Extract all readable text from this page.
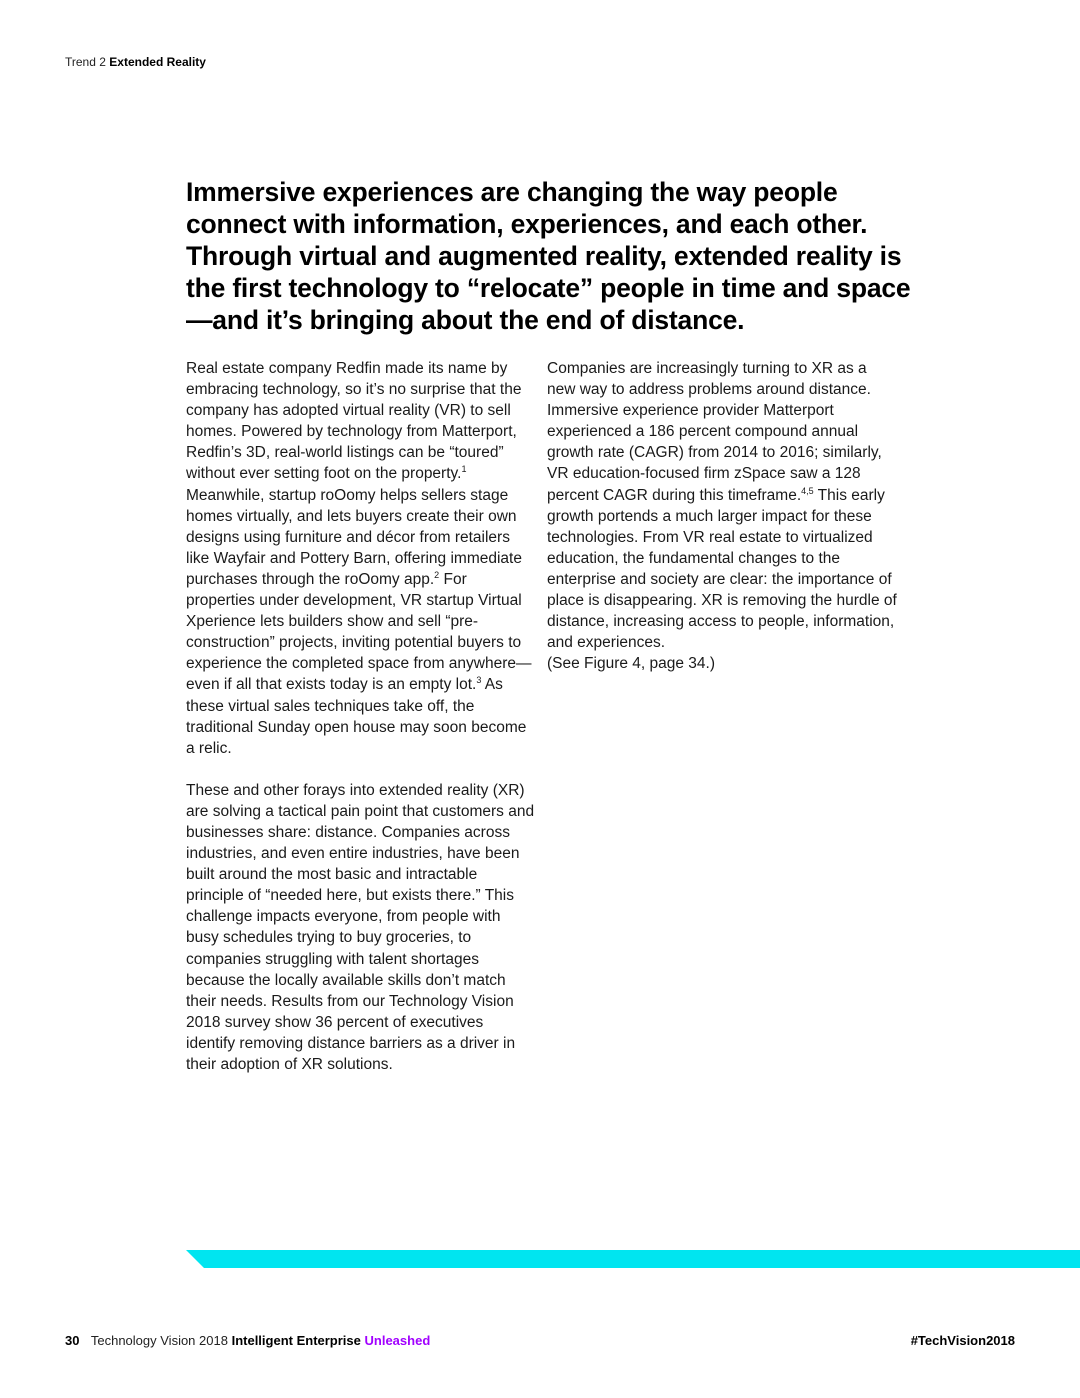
Trend 2 Extended Reality
Immersive experiences are changing the way people connect with information, experiences, and each other. Through virtual and augmented reality, extended reality is the first technology to “relocate” people in time and space—and it’s bringing about the end of distance.

Real estate company Redfin made its name by embracing technology, so it’s no surprise that the company has adopted virtual reality (VR) to sell homes. Powered by technology from Matterport, Redfin’s 3D, real-world listings can be “toured” without ever setting foot on the property.$^1$ Meanwhile, startup roOomy helps sellers stage homes virtually, and lets buyers create their own designs using furniture and décor from retailers like Wayfair and Pottery Barn, offering immediate purchases through the roOomy app.$^2$ For properties under development, VR startup Virtual Xperience lets builders show and sell “pre-construction” projects, inviting potential buyers to experience the completed space from anywhere—even if all that exists today is an empty lot.$^3$ As these virtual sales techniques take off, the traditional Sunday open house may soon become a relic.

These and other forays into extended reality (XR) are solving a tactical pain point that customers and businesses share: distance. Companies across industries, and even entire industries, have been built around the most basic and intractable principle of “needed here, but exists there.” This challenge impacts everyone, from people with busy schedules trying to buy groceries, to companies struggling with talent shortages because the locally available skills don’t match their needs. Results from our Technology Vision 2018 survey show 36 percent of executives identify removing distance barriers as a driver in their adoption of XR solutions.

Companies are increasingly turning to XR as a new way to address problems around distance. Immersive experience provider Matterport experienced a 186 percent compound annual growth rate (CAGR) from 2014 to 2016; similarly, VR education-focused firm zSpace saw a 128 percent CAGR during this timeframe.$^{4,5}$ This early growth portends a much larger impact for these technologies. From VR real estate to virtualized education, the fundamental changes to the enterprise and society are clear: the importance of place is disappearing. XR is removing the hurdle of distance, increasing access to people, information, and experiences.
(See Figure 4, page 34.)

30 Technology Vision 2018 Intelligent Enterprise Unleashed	#TechVision2018
